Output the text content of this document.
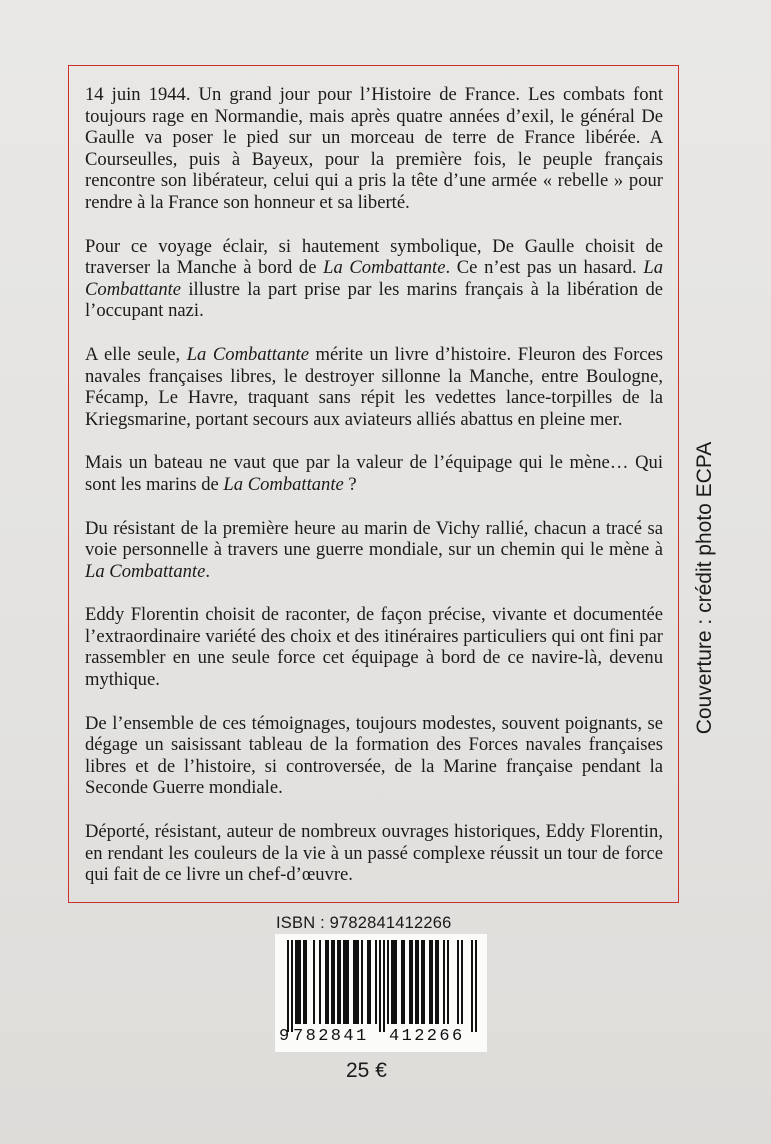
14 juin 1944. Un grand jour pour l’Histoire de France. Les combats font toujours rage en Normandie, mais après quatre années d’exil, le général De Gaulle va poser le pied sur un morceau de terre de France libérée. A Courseulles, puis à Bayeux, pour la première fois, le peuple français rencontre son libérateur, celui qui a pris la tête d’une armée « rebelle » pour rendre à la France son honneur et sa liberté.

Pour ce voyage éclair, si hautement symbolique, De Gaulle choisit de traverser la Manche à bord de La Combattante. Ce n’est pas un hasard. La Combattante illustre la part prise par les marins français à la libération de l’occupant nazi.

A elle seule, La Combattante mérite un livre d’histoire. Fleuron des Forces navales françaises libres, le destroyer sillonne la Manche, entre Boulogne, Fécamp, Le Havre, traquant sans répit les vedettes lance-torpilles de la Kriegsmarine, portant secours aux aviateurs alliés abattus en pleine mer.

Mais un bateau ne vaut que par la valeur de l’équipage qui le mène… Qui sont les marins de La Combattante ?

Du résistant de la première heure au marin de Vichy rallié, chacun a tracé sa voie personnelle à travers une guerre mondiale, sur un chemin qui le mène à La Combattante.

Eddy Florentin choisit de raconter, de façon précise, vivante et documentée l’extraordinaire variété des choix et des itinéraires particuliers qui ont fini par rassembler en une seule force cet équipage à bord de ce navire-là, devenu mythique.

De l’ensemble de ces témoignages, toujours modestes, souvent poignants, se dégage un saisissant tableau de la formation des Forces navales françaises libres et de l’histoire, si controversée, de la Marine française pendant la Seconde Guerre mondiale.

Déporté, résistant, auteur de nombreux ouvrages historiques, Eddy Florentin, en rendant les couleurs de la vie à un passé complexe réussit un tour de force qui fait de ce livre un chef-d’œuvre.

Couverture : crédit photo ECPA
ISBN : 9782841412266

9

782841

412266

25 €
